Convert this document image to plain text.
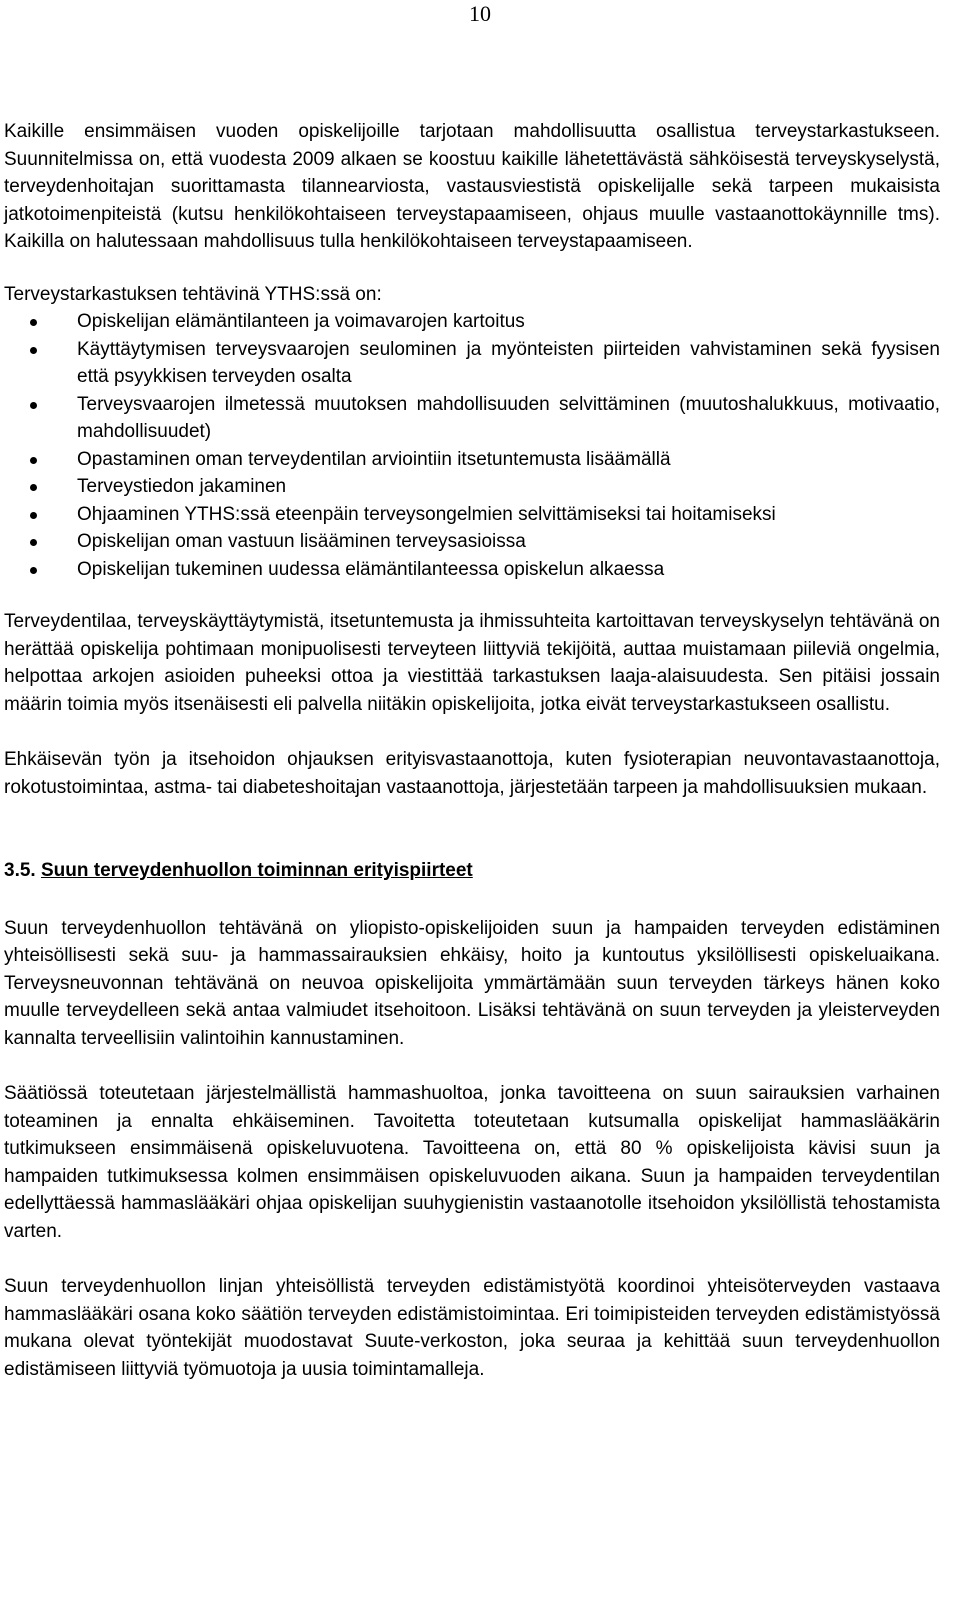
10

Kaikille ensimmäisen vuoden opiskelijoille tarjotaan mahdollisuutta osallistua terveystarkastukseen. Suunnitelmissa on, että vuodesta 2009 alkaen se koostuu kaikille lähetettävästä sähköisestä terveyskyselystä, terveydenhoitajan suorittamasta tilannearviosta, vastausviestistä opiskelijalle sekä tarpeen mukaisista jatkotoimenpiteistä (kutsu henkilökohtaiseen terveystapaamiseen, ohjaus muulle vastaanottokäynnille tms). Kaikilla on halutessaan mahdollisuus tulla henkilökohtaiseen terveystapaamiseen.

Terveystarkastuksen tehtävinä YTHS:ssä on:

Opiskelijan elämäntilanteen ja voimavarojen kartoitus
Käyttäytymisen terveysvaarojen seulominen ja myönteisten piirteiden vahvistaminen sekä fyysisen että psyykkisen terveyden osalta
Terveysvaarojen ilmetessä muutoksen mahdollisuuden selvittäminen (muutoshalukkuus, motivaatio, mahdollisuudet)
Opastaminen oman terveydentilan arviointiin itsetuntemusta lisäämällä
Terveystiedon jakaminen
Ohjaaminen YTHS:ssä eteenpäin terveysongelmien selvittämiseksi tai hoitamiseksi
Opiskelijan oman vastuun lisääminen terveysasioissa
Opiskelijan tukeminen uudessa elämäntilanteessa opiskelun alkaessa

Terveydentilaa, terveyskäyttäytymistä, itsetuntemusta ja ihmissuhteita kartoittavan terveyskyselyn tehtävänä on herättää opiskelija pohtimaan monipuolisesti terveyteen liittyviä tekijöitä, auttaa muistamaan piileviä ongelmia, helpottaa arkojen asioiden puheeksi ottoa ja viestittää tarkastuksen laaja-alaisuudesta. Sen pitäisi jossain määrin toimia myös itsenäisesti eli palvella niitäkin opiskelijoita, jotka eivät terveystarkastukseen osallistu.

Ehkäisevän työn ja itsehoidon ohjauksen erityisvastaanottoja, kuten fysioterapian neuvontavastaanottoja, rokotustoimintaa, astma- tai diabeteshoitajan vastaanottoja, järjestetään tarpeen ja mahdollisuuksien mukaan.

3.5. Suun terveydenhuollon toiminnan erityispiirteet

Suun terveydenhuollon tehtävänä on yliopisto-opiskelijoiden suun ja hampaiden terveyden edistäminen yhteisöllisesti sekä suu- ja hammassairauksien ehkäisy, hoito ja kuntoutus yksilöllisesti opiskeluaikana. Terveysneuvonnan tehtävänä on neuvoa opiskelijoita ymmärtämään suun terveyden tärkeys hänen koko muulle terveydelleen sekä antaa valmiudet itsehoitoon. Lisäksi tehtävänä on suun terveyden ja yleisterveyden kannalta terveellisiin valintoihin kannustaminen.

Säätiössä toteutetaan järjestelmällistä hammashuoltoa, jonka tavoitteena on suun sairauksien varhainen toteaminen ja ennalta ehkäiseminen. Tavoitetta toteutetaan kutsumalla opiskelijat hammaslääkärin tutkimukseen ensimmäisenä opiskeluvuotena. Tavoitteena on, että 80 % opiskelijoista kävisi suun ja hampaiden tutkimuksessa kolmen ensimmäisen opiskeluvuoden aikana. Suun ja hampaiden terveydentilan edellyttäessä hammaslääkäri ohjaa opiskelijan suuhygienistin vastaanotolle itsehoidon yksilöllistä tehostamista varten.

Suun terveydenhuollon linjan yhteisöllistä terveyden edistämistyötä koordinoi yhteisöterveyden vastaava hammaslääkäri osana koko säätiön terveyden edistämistoimintaa. Eri toimipisteiden terveyden edistämistyössä mukana olevat työntekijät muodostavat Suute-verkoston, joka seuraa ja kehittää suun terveydenhuollon edistämiseen liittyviä työmuotoja ja uusia toimintamalleja.
